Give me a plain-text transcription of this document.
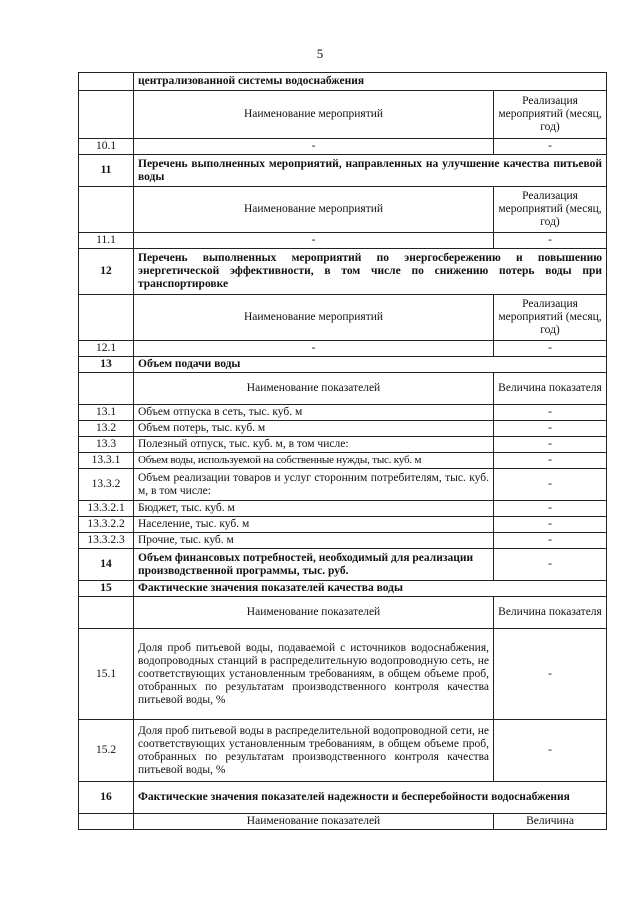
5
	централизованной системы водоснабжения	
	Наименование мероприятий	Реализация мероприятий (месяц, год)
10.1	-	-
11	Перечень выполненных мероприятий, направленных на улучшение качества питьевой воды	
	Наименование мероприятий	Реализация мероприятий (месяц, год)
11.1	-	-
12	Перечень выполненных мероприятий по энергосбережению и повышению энергетической эффективности, в том числе по снижению потерь воды при транспортировке	
	Наименование мероприятий	Реализация мероприятий (месяц, год)
12.1	-	-
13	Объем подачи воды	
	Наименование показателей	Величина показателя
13.1	Объем отпуска в сеть, тыс. куб. м	-
13.2	Объем потерь, тыс. куб. м	-
13.3	Полезный отпуск, тыс. куб. м, в том числе:	-
13.3.1	Объем воды, используемой на собственные нужды, тыс. куб. м	-
13.3.2	Объем реализации товаров и услуг сторонним потребителям, тыс. куб. м, в том числе:	-
13.3.2.1	Бюджет, тыс. куб. м	-
13.3.2.2	Население, тыс. куб. м	-
13.3.2.3	Прочие, тыс. куб. м	-
14	Объем финансовых потребностей, необходимый для реализации производственной программы, тыс. руб.	-
15	Фактические значения показателей качества воды	
	Наименование показателей	Величина показателя
15.1	Доля проб питьевой воды, подаваемой с источников водоснабжения, водопроводных станций в распределительную водопроводную сеть, не соответствующих установленным требованиям, в общем объеме проб, отобранных по результатам производственного контроля качества питьевой воды, %	-
15.2	Доля проб питьевой воды в распределительной водопроводной сети, не соответствующих установленным требованиям, в общем объеме проб, отобранных по результатам производственного контроля качества питьевой воды, %	-
16	Фактические значения показателей надежности и бесперебойности водоснабжения	
	Наименование показателей	Величина
